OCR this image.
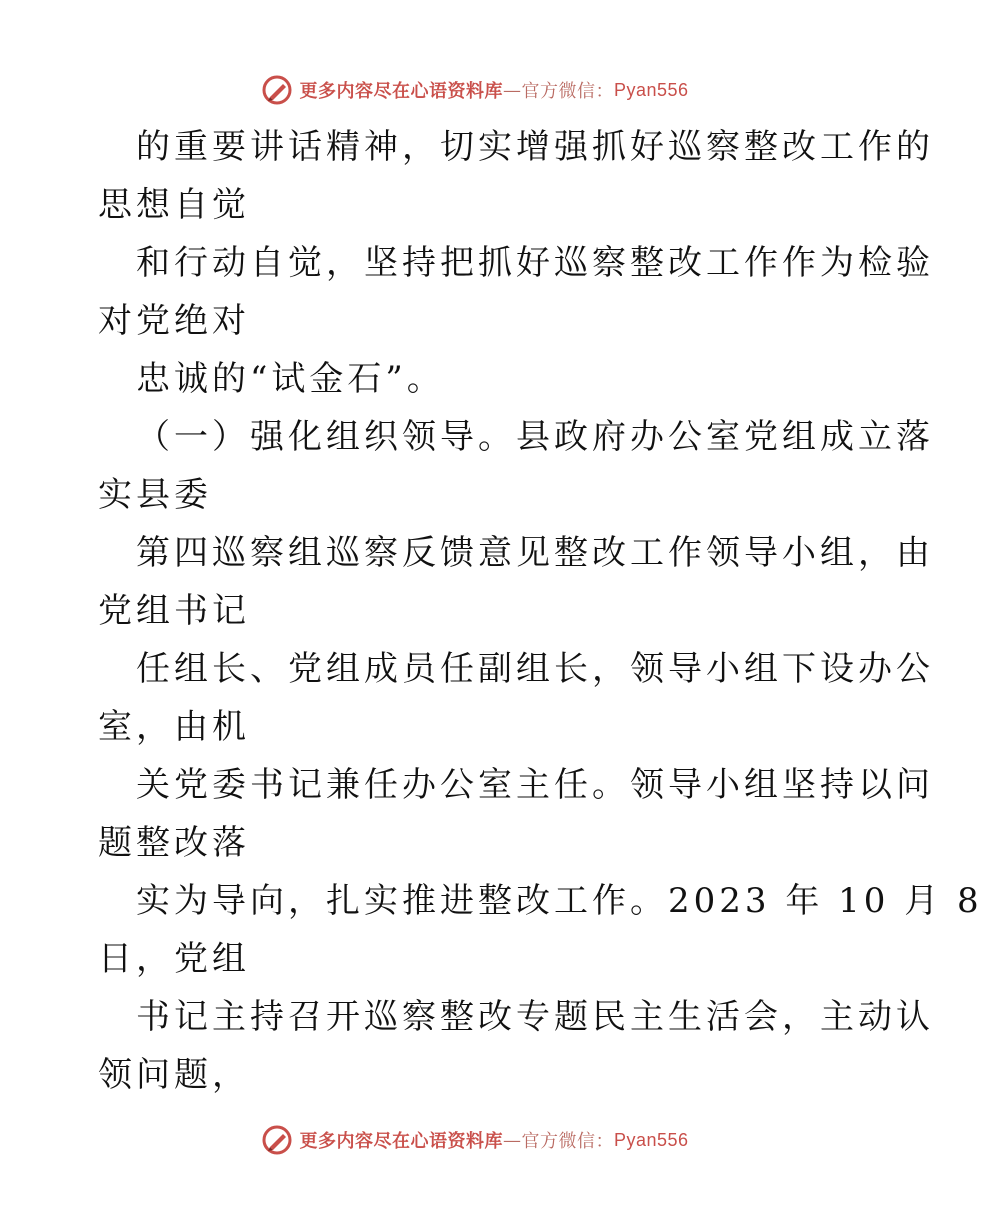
更多内容尽在心语资料库 — 官方微信： Pyan556
的重要讲话精神，切实增强抓好巡察整改工作的
思想自觉
和行动自觉，坚持把抓好巡察整改工作作为检验
对党绝对
忠诚的“试金石”。
（一）强化组织领导。县政府办公室党组成立落
实县委
第四巡察组巡察反馈意见整改工作领导小组，由
党组书记
任组长、党组成员任副组长，领导小组下设办公
室，由机
关党委书记兼任办公室主任。领导小组坚持以问
题整改落
实为导向，扎实推进整改工作。2023 年 10 月 8
日，党组
书记主持召开巡察整改专题民主生活会，主动认
领问题，
更多内容尽在心语资料库 — 官方微信： Pyan556
